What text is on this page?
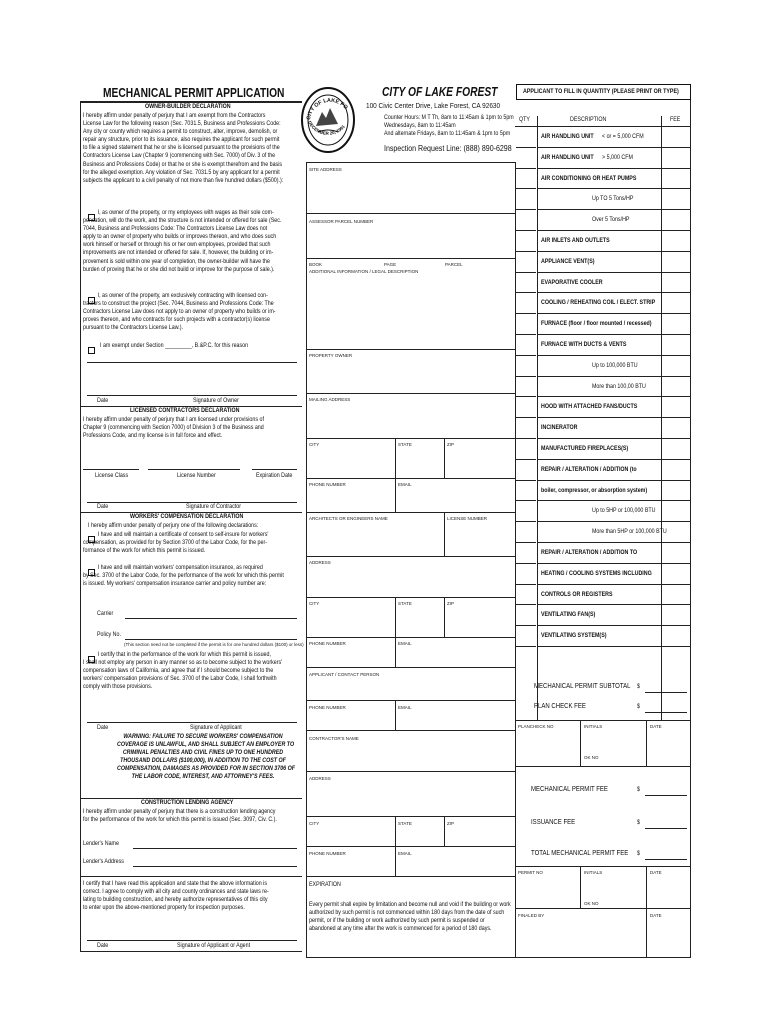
MECHANICAL PERMIT APPLICATION
OWNER-BUILDER DECLARATION
I hereby affirm under penalty of perjury that I am exempt from the Contractors
License Law for the following reason (Sec. 7031.5, Business and Professions Code:
Any city or county which requires a permit to construct, alter, improve, demolish, or
repair any structure, prior to its issuance, also requires the applicant for such permit
to file a signed statement that he or she is licensed pursuant to the provisions of the
Contractors License Law (Chapter 9 (commencing with Sec. 7000) of Div. 3 of the
Business and Professions Code) or that he or she is exempt therefrom and the basis
for the alleged exemption. Any violation of Sec. 7031.5 by any applicant for a permit
subjects the applicant to a civil penalty of not more than five hundred dollars ($500).):
I, as owner of the property, or my employees with wages as their sole com-
pensation, will do the work, and the structure is not intended or offered for sale (Sec.
7044, Business and Professions Code: The Contractors License Law does not
apply to an owner of property who builds or improves thereon, and who does such
work himself or herself or through his or her own employees, provided that such
improvements are not intended or offered for sale. If, however, the building or im-
provement is sold within one year of completion, the owner-builder will have the
burden of proving that he or she did not build or improve for the purpose of sale.).
I, as owner of the property, am exclusively contracting with licensed con-
tractors to construct the project (Sec. 7044, Business and Professions Code: The
Contractors License Law does not apply to an owner of property who builds or im-
proves thereon, and who contracts for such projects with a contractor(s) license
pursuant to the Contractors License Law.).
I am exempt under Section _________, B.&P.C. for this reason
Date	Signature of Owner
LICENSED CONTRACTORS DECLARATION
I hereby affirm under penalty of perjury that I am licensed under provisions of
Chapter 9 (commencing with Section 7000) of Division 3 of the Business and
Professions Code, and my license is in full force and effect.
License Class	License Number	Expiration Date
Date	Signature of Contractor
WORKERS' COMPENSATION DECLARATION
I hereby affirm under penalty of perjury one of the following declarations:
I have and will maintain a certificate of consent to self-insure for workers'
compensation, as provided for by Section 3700 of the Labor Code, for the per-
formance of the work for which this permit is issued.
I have and will maintain workers' compensation insurance, as required
by Sec. 3700 of the Labor Code, for the performance of the work for which this permit
is issued. My workers' compensation insurance carrier and policy number are:
Carrier
Policy No.
(This section need not be completed if the permit is for one hundred dollars ($100) or less)
I certify that in the performance of the work for which this permit is issued,
I shall not employ any person in any manner so as to become subject to the workers'
compensation laws of California, and agree that if I should become subject to the
workers' compensation provisions of Sec. 3700 of the Labor Code, I shall forthwith
comply with those provisions.
Date	Signature of Applicant
WARNING: FAILURE TO SECURE WORKERS' COMPENSATION
COVERAGE IS UNLAWFUL, AND SHALL SUBJECT AN EMPLOYER TO
CRIMINAL PENALTIES AND CIVIL FINES UP TO ONE HUNDRED
THOUSAND DOLLARS ($100,000), IN ADDITION TO THE COST OF
COMPENSATION, DAMAGES AS PROVIDED FOR IN SECTION 3706 OF
THE LABOR CODE, INTEREST, AND ATTORNEY'S FEES.
CONSTRUCTION LENDING AGENCY
I hereby affirm under penalty of perjury that there is a construction lending agency
for the performance of the work for which this permit is issued (Sec. 3097, Civ. C.).
Lender's Name
Lender's Address
I certify that I have read this application and state that the above information is
correct. I agree to comply with all city and county ordinances and state laws re-
lating to building construction, and hereby authorize representatives of this city
to enter upon the above-mentioned property for inspection purposes.
Date	Signature of Applicant or Agent
CITY OF LAKE FO
DECEMBER 20, 1991
CITY OF LAKE FOREST
100 Civic Center Drive, Lake Forest, CA 92630
Counter Hours: M T Th, 8am to 11:45am & 1pm to 5pm
Wednesdays, 8am to 11:45am
And alternate Fridays, 8am to 11:45am & 1pm to 5pm
Inspection Request Line: (888) 890-6298
SITE ADDRESS
ASSESSOR PARCEL NUMBER
BOOK	PAGE	PARCEL
ADDITIONAL INFORMATION / LEGAL DESCRIPTION
PROPERTY OWNER
MAILING ADDRESS
CITY	STATE	ZIP
PHONE NUMBER	EMAIL
ARCHITECTS OR ENGINEERS NAME	LICENSE NUMBER
ADDRESS
CITY	STATE	ZIP
PHONE NUMBER	EMAIL
APPLICANT / CONTACT PERSON
PHONE NUMBER	EMAIL
CONTRACTOR'S NAME
ADDRESS
CITY	STATE	ZIP
PHONE NUMBER	EMAIL
EXPIRATION
Every permit shall expire by limitation and become null and void if the building or work
authorized by such permit is not commenced within 180 days from the date of such
permit, or if the building or work authorized by such permit is suspended or
abandoned at any time after the work is commenced for a period of 180 days.
APPLICANT TO FILL IN QUANTITY (PLEASE PRINT OR TYPE)
QTY	DESCRIPTION	FEE
AIR HANDLING UNIT < or = 5,000 CFM
AIR HANDLING UNIT > 5,000 CFM
AIR CONDITIONING OR HEAT PUMPS
Up TO 5 Tons/HP
Over 5 Tons/HP
AIR INLETS AND OUTLETS
APPLIANCE VENT(S)
EVAPORATIVE COOLER
COOLING / REHEATING COIL / ELECT. STRIP
FURNACE (floor / floor mounted / recessed)
FURNACE WITH DUCTS & VENTS
Up to 100,000 BTU
More than 100,00 BTU
HOOD WITH ATTACHED FANS/DUCTS
INCINERATOR
MANUFACTURED FIREPLACES(S)
REPAIR / ALTERATION / ADDITION (to
boiler, compressor, or absorption system)
Up to 5HP or 100,000 BTU
More than 5HP or 100,000 BTU
REPAIR / ALTERATION / ADDITION TO
HEATING / COOLING SYSTEMS INCLUDING
CONTROLS OR REGISTERS
VENTILATING FAN(S)
VENTILATING SYSTEM(S)
MECHANICAL PERMIT SUBTOTAL $
PLAN CHECK FEE	$
PLANCHECK NO	INITIALS	DATE
OK NO
MECHANICAL PERMIT FEE	$
ISSUANCE FEE	$
TOTAL MECHANICAL PERMIT FEE $
PERMIT NO	INITIALS	DATE
OK NO
FINALED BY	DATE
